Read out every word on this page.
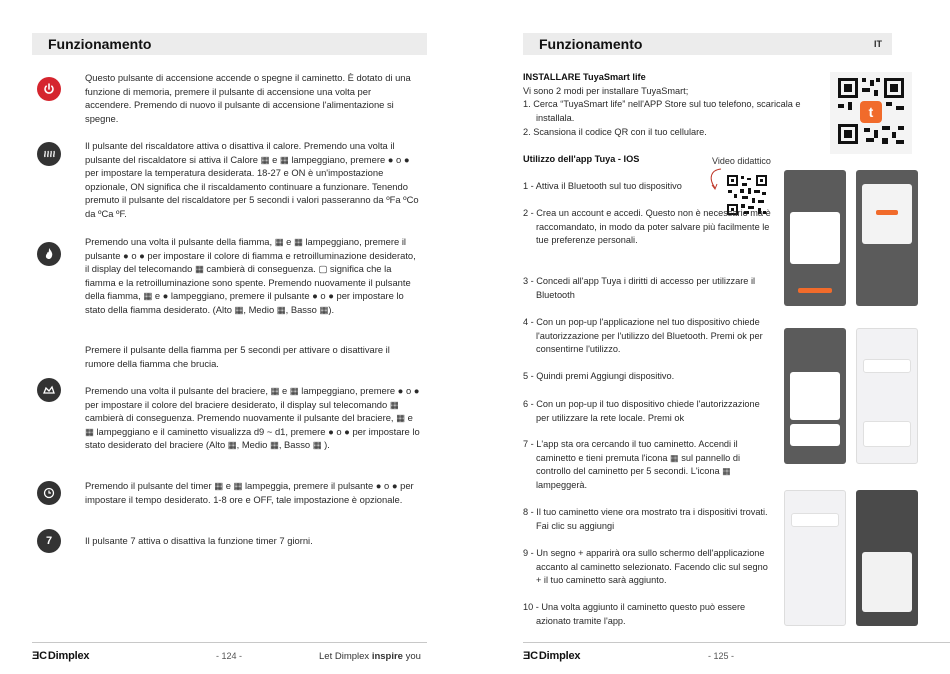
Funzionamento
Questo pulsante di accensione accende o spegne il caminetto. È dotato di una funzione di memoria, premere il pulsante di accensione una volta per accendere. Premendo di nuovo il pulsante di accensione l'alimentazione si spegne.
Il pulsante del riscaldatore attiva o disattiva il calore. Premendo una volta il pulsante del riscaldatore si attiva il Calore ▦ e ▦ lampeggiano, premere ● o ● per impostare la temperatura desiderata. 18-27 e ON è un'impostazione opzionale, ON significa che il riscaldamento continuare a funzionare. Tenendo premuto il pulsante del riscaldatore per 5 secondi i valori passeranno da ºFa ºCo da ºCa ºF.
Premendo una volta il pulsante della fiamma, ▦ e ▦ lampeggiano, premere il pulsante ● o ● per impostare il colore di fiamma e retroilluminazione desiderato, il display del telecomando ▦ cambierà di conseguenza. ▢ significa che la fiamma e la retroilluminazione sono spente. Premendo nuovamente il pulsante della fiamma, ▦ e ● lampeggiano, premere il pulsante ● o ● per impostare lo stato della fiamma desiderato. (Alto ▦, Medio ▦, Basso ▦).
Premere il pulsante della fiamma per 5 secondi per attivare o disattivare il rumore della fiamma che brucia.
Premendo una volta il pulsante del braciere, ▦ e ▦ lampeggiano, premere ● o ● per impostare il colore del braciere desiderato, il display sul telecomando ▦ cambierà di conseguenza. Premendo nuovamente il pulsante del braciere, ▦ e ▦ lampeggiano e il caminetto visualizza d9 ~ d1, premere ● o ● per impostare lo stato desiderato del braciere (Alto ▦, Medio ▦, Basso ▦ ).
Premendo il pulsante del timer ▦ e ▦ lampeggia, premere il pulsante ● o ● per impostare il tempo desiderato. 1-8 ore e OFF, tale impostazione è opzionale.
7	Il pulsante 7 attiva o disattiva la funzione timer 7 giorni.
ƎCDimplex	- 124 -	Let Dimplex inspire you
Funzionamento	IT
INSTALLARE TuyaSmart life
Vi sono 2 modi per installare TuyaSmart;
1. Cerca “TuyaSmart life” nell'APP Store sul tuo telefono, scaricala e installala.
2. Scansiona il codice QR con il tuo cellulare.
t
Utilizzo dell'app Tuya - IOS	Video didattico
1 - Attiva il Bluetooth sul tuo dispositivo
2 - Crea un account e accedi. Questo non è necessario ma è raccomandato, in modo da poter salvare più facilmente le tue preferenze personali.
3 - Concedi all'app Tuya i diritti di accesso per utilizzare il Bluetooth
4 - Con un pop-up l'applicazione nel tuo dispositivo chiede l'autorizzazione per l'utilizzo del Bluetooth. Premi ok per consentirne l'utilizzo.
5 - Quindi premi Aggiungi dispositivo.
6 - Con un pop-up il tuo dispositivo chiede l'autorizzazione per utilizzare la rete locale. Premi ok
7 - L'app sta ora cercando il tuo caminetto. Accendi il caminetto e tieni premuta l'icona ▦ sul pannello di controllo del caminetto per 5 secondi. L'icona ▦ lampeggerà.
8 - Il tuo caminetto viene ora mostrato tra i dispositivi trovati. Fai clic su aggiungi
9 - Un segno + apparirà ora sullo schermo dell'applicazione accanto al caminetto selezionato. Facendo clic sul segno + il tuo caminetto sarà aggiunto.
10 - Una volta aggiunto il caminetto questo può essere azionato tramite l'app.
ƎCDimplex	- 125 -
